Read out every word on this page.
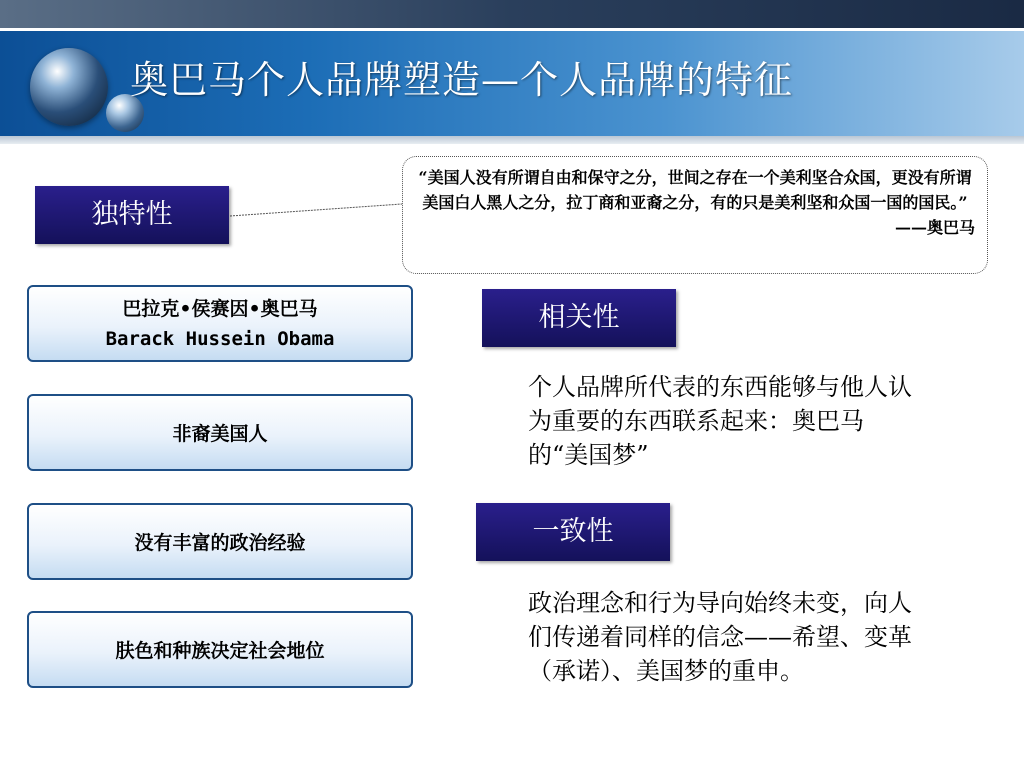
奥巴马个人品牌塑造—个人品牌的特征
独特性
“美国人没有所谓自由和保守之分，世间之存在一个美利坚合众国，更没有所谓美国白人黑人之分，拉丁商和亚裔之分，有的只是美利坚和众国一国的国民。”
——奥巴马
巴拉克•侯赛因•奥巴马
Barack Hussein Obama
非裔美国人
没有丰富的政治经验
肤色和种族决定社会地位
相关性
个人品牌所代表的东西能够与他人认为重要的东西联系起来：奥巴马的“美国梦”
一致性
政治理念和行为导向始终未变，向人们传递着同样的信念——希望、变革（承诺）、美国梦的重申。
